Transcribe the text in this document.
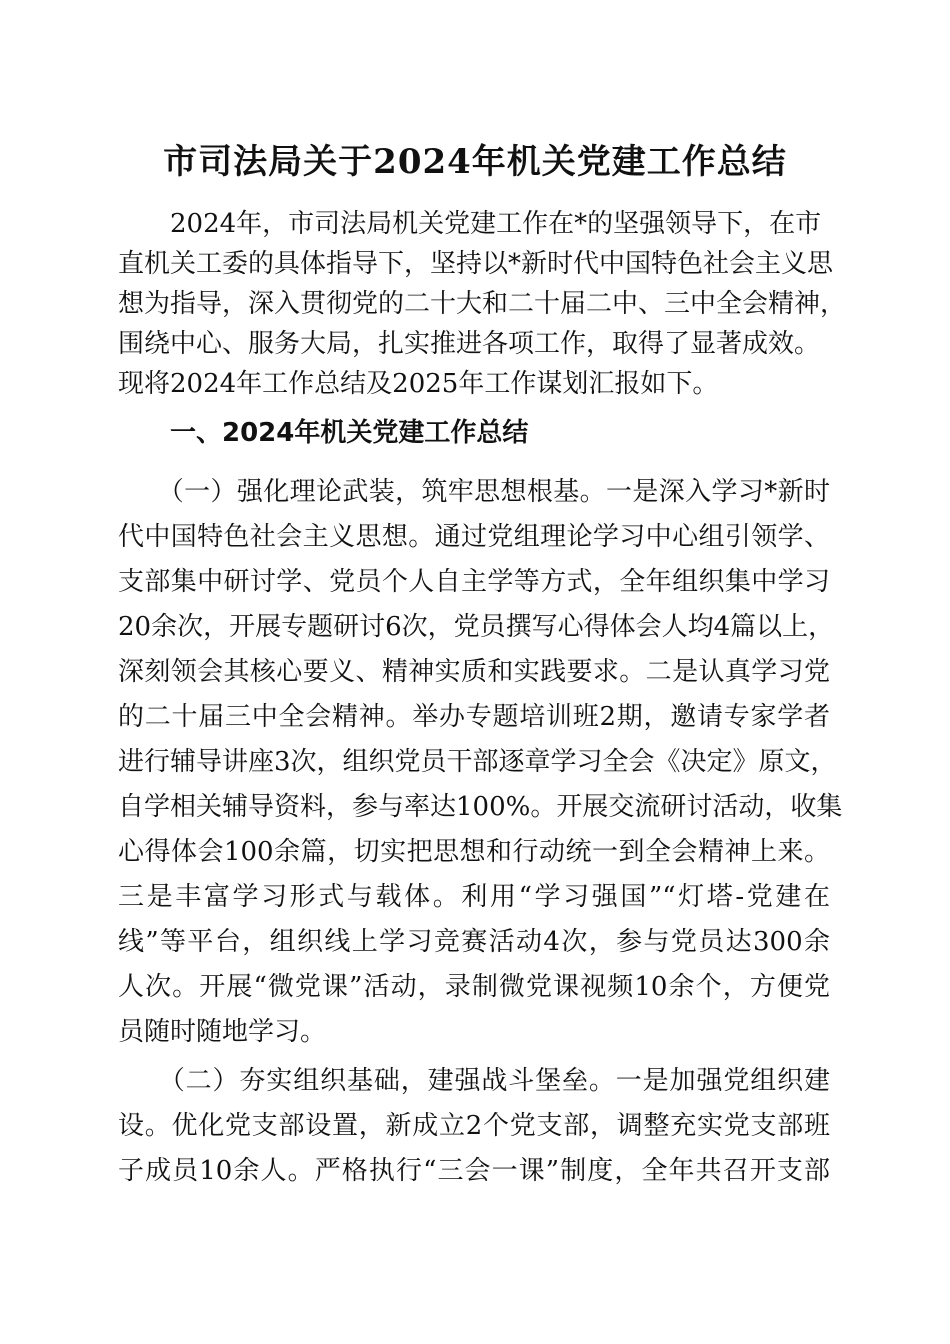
市司法局关于2024年机关党建工作总结
　　2024年，市司法局机关党建工作在*的坚强领导下，在市
直机关工委的具体指导下，坚持以*新时代中国特色社会主义思
想为指导，深入贯彻党的二十大和二十届二中、三中全会精神，
围绕中心、服务大局，扎实推进各项工作，取得了显著成效。
现将2024年工作总结及2025年工作谋划汇报如下。
　　一、2024年机关党建工作总结
　　（一）强化理论武装，筑牢思想根基。一是深入学习*新时
代中国特色社会主义思想。通过党组理论学习中心组引领学、
支部集中研讨学、党员个人自主学等方式，全年组织集中学习
20余次，开展专题研讨6次，党员撰写心得体会人均4篇以上，
深刻领会其核心要义、精神实质和实践要求。二是认真学习党
的二十届三中全会精神。举办专题培训班2期，邀请专家学者
进行辅导讲座3次，组织党员干部逐章学习全会《决定》原文，
自学相关辅导资料，参与率达100%。开展交流研讨活动，收集
心得体会100余篇，切实把思想和行动统一到全会精神上来。
三是丰富学习形式与载体。利用“学习强国”“灯塔-党建在
线”等平台，组织线上学习竞赛活动4次，参与党员达300余
人次。开展“微党课”活动，录制微党课视频10余个，方便党
员随时随地学习。
　　（二）夯实组织基础，建强战斗堡垒。一是加强党组织建
设。优化党支部设置，新成立2个党支部，调整充实党支部班
子成员10余人。严格执行“三会一课”制度，全年共召开支部
